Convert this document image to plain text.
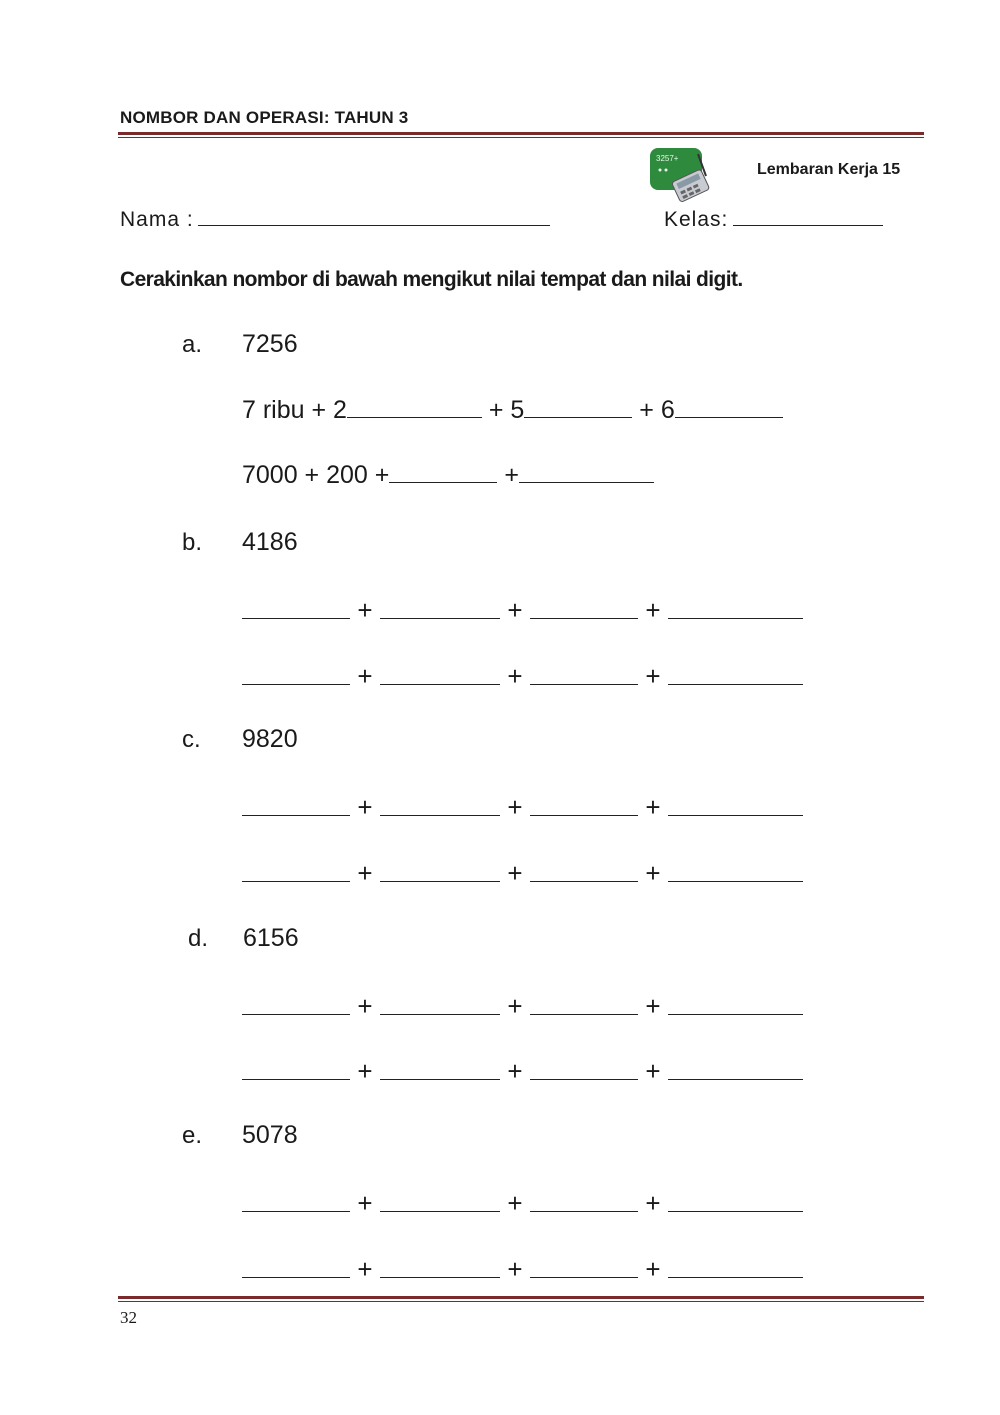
NOMBOR DAN OPERASI: TAHUN 3
3257+
Lembaran Kerja 15
Nama :	Kelas:
Cerakinkan nombor di bawah mengikut nilai tempat dan nilai digit.
a. 7256
7 ribu + 2	+ 5	+ 6
7000 + 200 +	+
b. 4186
+	+	+
+	+	+
c. 9820
+	+	+
+	+	+
d. 6156
+	+	+
+	+	+
e. 5078
+	+	+
+	+	+
32
